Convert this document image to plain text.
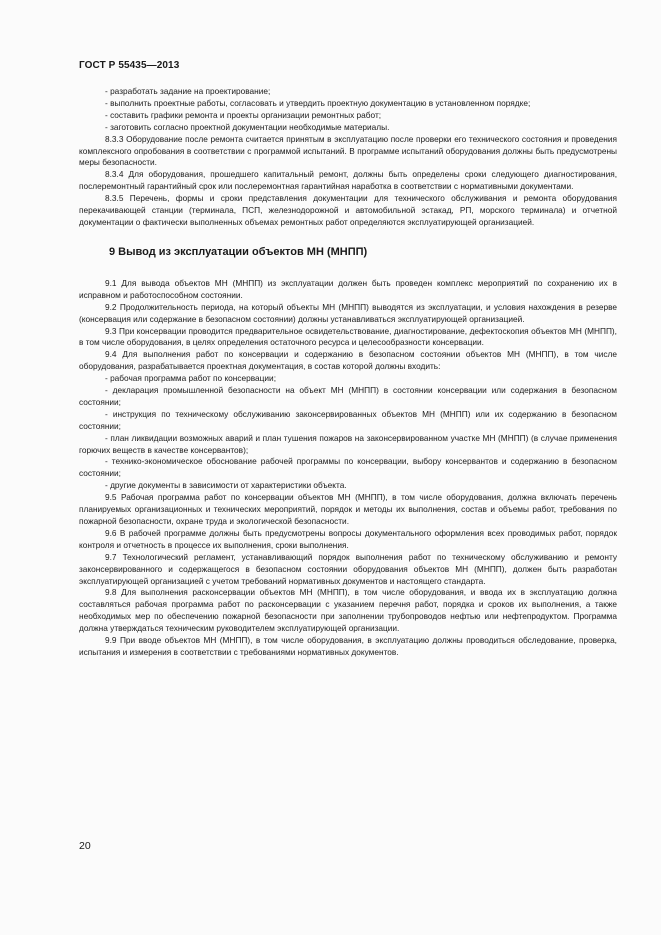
ГОСТ Р 55435—2013

- разработать задание на проектирование;

- выполнить проектные работы, согласовать и утвердить проектную документацию в установленном порядке;

- составить графики ремонта и проекты организации ремонтных работ;

- заготовить согласно проектной документации необходимые материалы.

8.3.3 Оборудование после ремонта считается принятым в эксплуатацию после проверки его технического состояния и проведения комплексного опробования в соответствии с программой испытаний. В программе испытаний оборудования должны быть предусмотрены меры безопасности.

8.3.4 Для оборудования, прошедшего капитальный ремонт, должны быть определены сроки следующего диагностирования, послеремонтный гарантийный срок или послеремонтная гарантийная наработка в соответствии с нормативными документами.

8.3.5 Перечень, формы и сроки представления документации для технического обслуживания и ремонта оборудования перекачивающей станции (терминала, ПСП, железнодорожной и автомобильной эстакад, РП, морского терминала) и отчетной документации о фактически выполненных объемах ремонтных работ определяются эксплуатирующей организацией.

9 Вывод из эксплуатации объектов МН (МНПП)

9.1 Для вывода объектов МН (МНПП) из эксплуатации должен быть проведен комплекс мероприятий по сохранению их в исправном и работоспособном состоянии.

9.2 Продолжительность периода, на который объекты МН (МНПП) выводятся из эксплуатации, и условия нахождения в резерве (консервация или содержание в безопасном состоянии) должны устанавливаться эксплуатирующей организацией.

9.3 При консервации проводится предварительное освидетельствование, диагностирование, дефектоскопия объектов МН (МНПП), в том числе оборудования, в целях определения остаточного ресурса и целесообразности консервации.

9.4 Для выполнения работ по консервации и содержанию в безопасном состоянии объектов МН (МНПП), в том числе оборудования, разрабатывается проектная документация, в состав которой должны входить:

- рабочая программа работ по консервации;

- декларация промышленной безопасности на объект МН (МНПП) в состоянии консервации или содержания в безопасном состоянии;

- инструкция по техническому обслуживанию законсервированных объектов МН (МНПП) или их содержанию в безопасном состоянии;

- план ликвидации возможных аварий и план тушения пожаров на законсервированном участке МН (МНПП) (в случае применения горючих веществ в качестве консервантов);

- технико-экономическое обоснование рабочей программы по консервации, выбору консервантов и содержанию в безопасном состоянии;

- другие документы в зависимости от характеристики объекта.

9.5 Рабочая программа работ по консервации объектов МН (МНПП), в том числе оборудования, должна включать перечень планируемых организационных и технических мероприятий, порядок и методы их выполнения, состав и объемы работ, требования по пожарной безопасности, охране труда и экологической безопасности.

9.6 В рабочей программе должны быть предусмотрены вопросы документального оформления всех проводимых работ, порядок контроля и отчетность в процессе их выполнения, сроки выполнения.

9.7 Технологический регламент, устанавливающий порядок выполнения работ по техническому обслуживанию и ремонту законсервированного и содержащегося в безопасном состоянии оборудования объектов МН (МНПП), должен быть разработан эксплуатирующей организацией с учетом требований нормативных документов и настоящего стандарта.

9.8 Для выполнения расконсервации объектов МН (МНПП), в том числе оборудования, и ввода их в эксплуатацию должна составляться рабочая программа работ по расконсервации с указанием перечня работ, порядка и сроков их выполнения, а также необходимых мер по обеспечению пожарной безопасности при заполнении трубопроводов нефтью или нефтепродуктом. Программа должна утверждаться техническим руководителем эксплуатирующей организации.

9.9 При вводе объектов МН (МНПП), в том числе оборудования, в эксплуатацию должны проводиться обследование, проверка, испытания и измерения в соответствии с требованиями нормативных документов.

20
